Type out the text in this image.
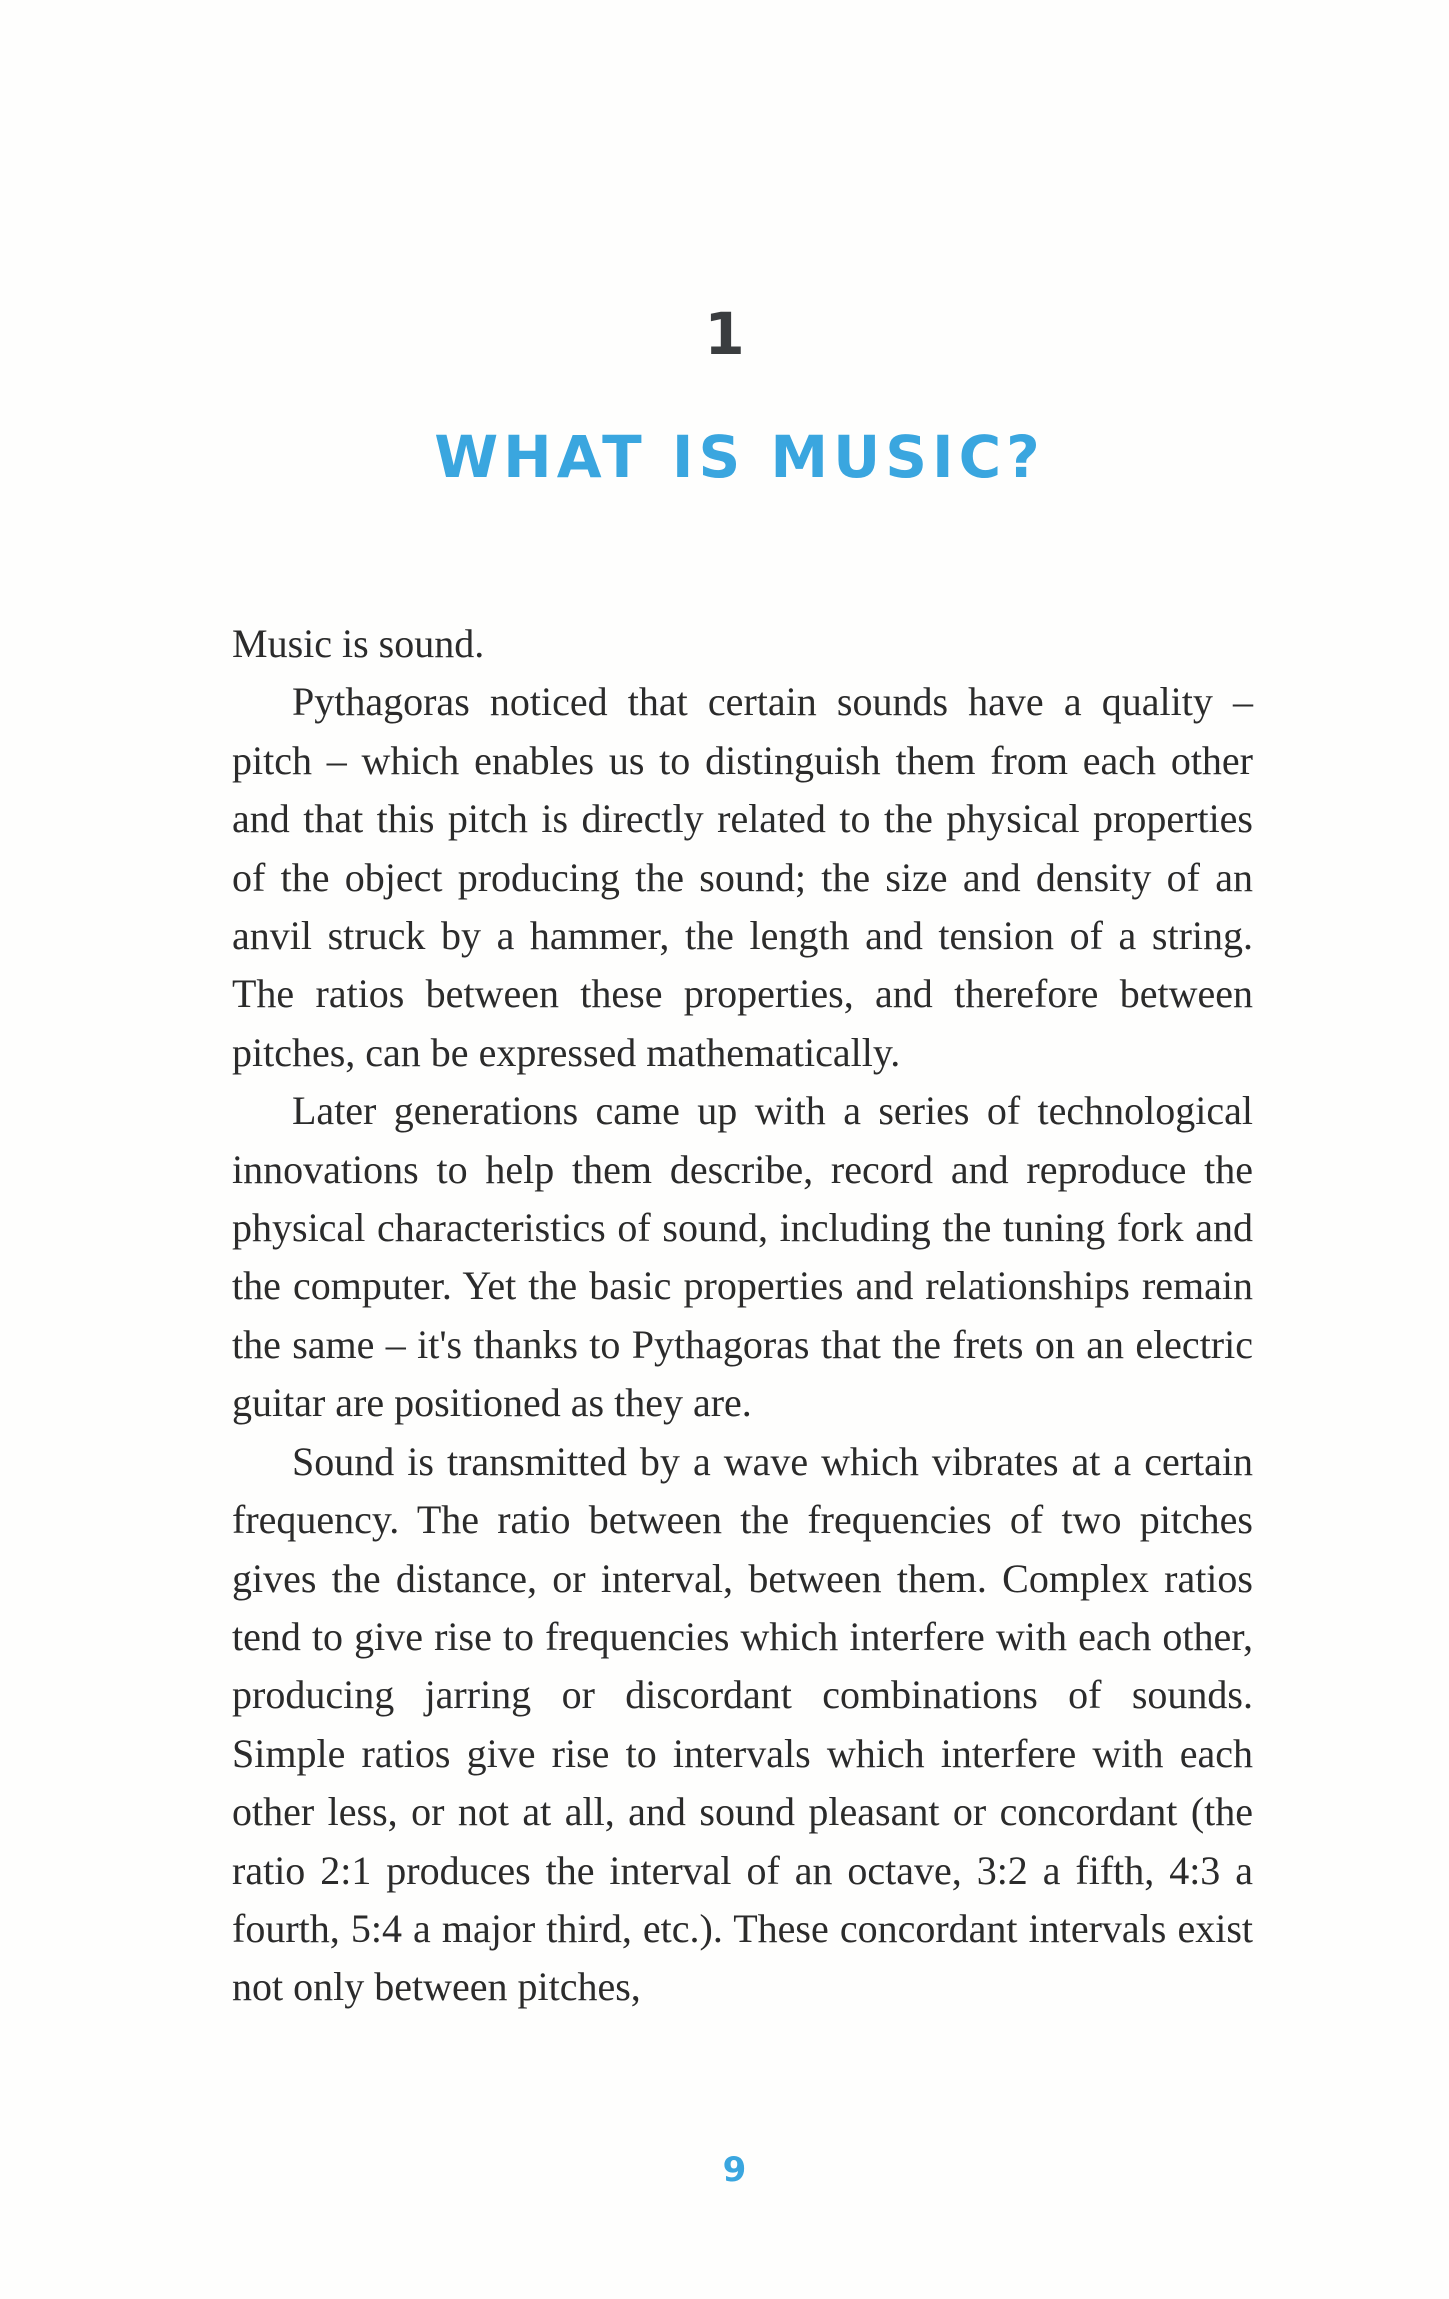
1
WHAT IS MUSIC?

Music is sound.

Pythagoras noticed that certain sounds have a quality – pitch – which enables us to distinguish them from each other and that this pitch is directly related to the physical properties of the object producing the sound; the size and density of an anvil struck by a hammer, the length and tension of a string. The ratios between these properties, and therefore between pitches, can be expressed mathematically.

Later generations came up with a series of technological innovations to help them describe, record and reproduce the physical characteristics of sound, including the tuning fork and the computer. Yet the basic properties and relationships remain the same – it's thanks to Pythagoras that the frets on an electric guitar are positioned as they are.

Sound is transmitted by a wave which vibrates at a certain frequency. The ratio between the frequencies of two pitches gives the distance, or interval, between them. Complex ratios tend to give rise to frequencies which interfere with each other, producing jarring or discordant combinations of sounds. Simple ratios give rise to intervals which interfere with each other less, or not at all, and sound pleasant or concordant (the ratio 2:1 produces the interval of an octave, 3:2 a fifth, 4:3 a fourth, 5:4 a major third, etc.). These concordant intervals exist not only between pitches,

9
